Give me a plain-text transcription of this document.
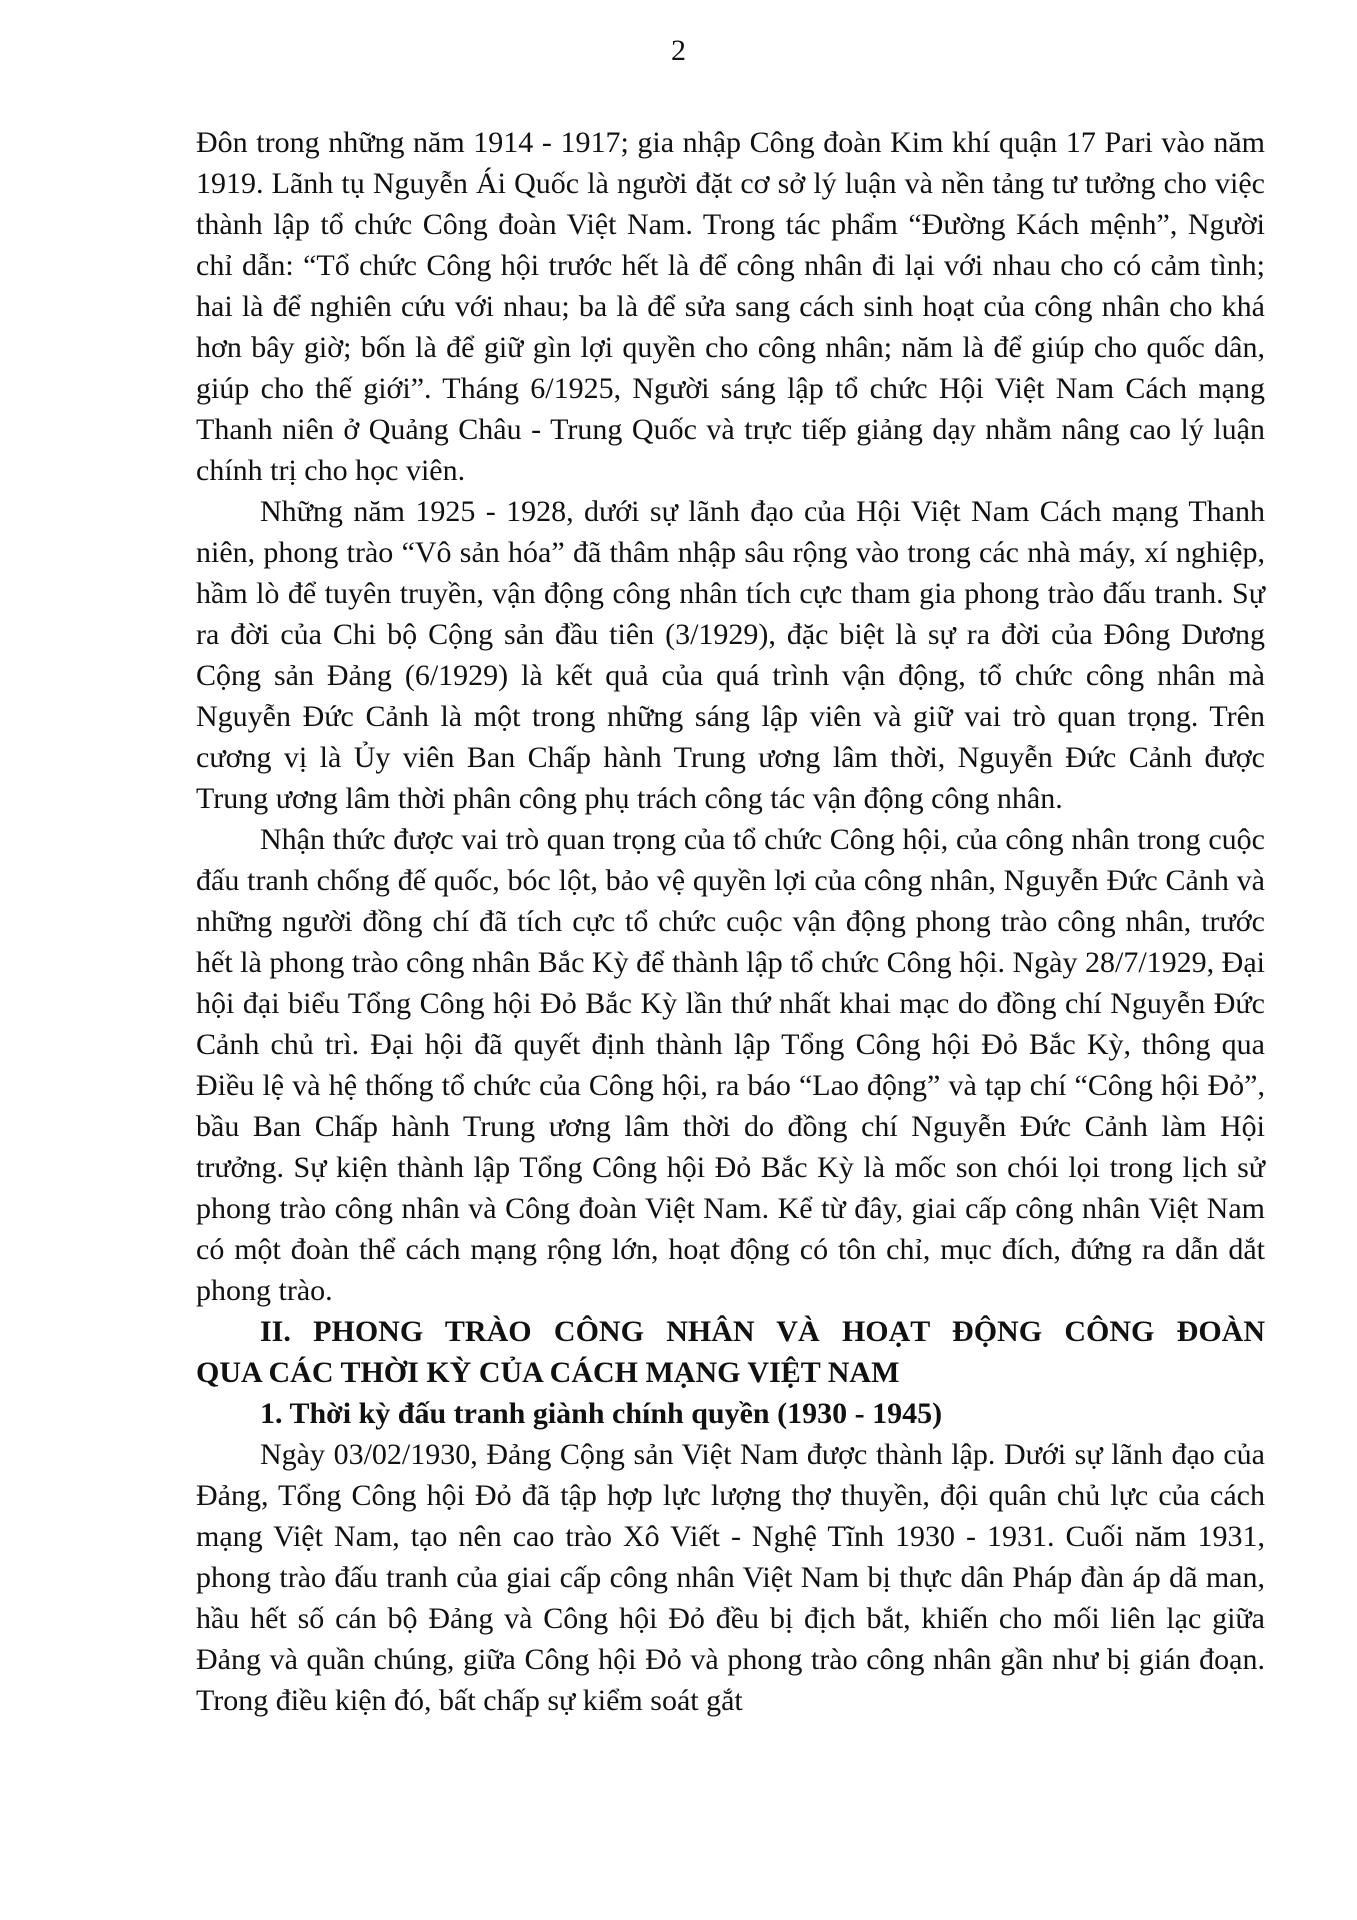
2

Đôn trong những năm 1914 - 1917; gia nhập Công đoàn Kim khí quận 17 Pari vào năm 1919. Lãnh tụ Nguyễn Ái Quốc là người đặt cơ sở lý luận và nền tảng tư tưởng cho việc thành lập tổ chức Công đoàn Việt Nam. Trong tác phẩm “Đường Kách mệnh”, Người chỉ dẫn: “Tổ chức Công hội trước hết là để công nhân đi lại với nhau cho có cảm tình; hai là để nghiên cứu với nhau; ba là để sửa sang cách sinh hoạt của công nhân cho khá hơn bây giờ; bốn là để giữ gìn lợi quyền cho công nhân; năm là để giúp cho quốc dân, giúp cho thế giới”. Tháng 6/1925, Người sáng lập tổ chức Hội Việt Nam Cách mạng Thanh niên ở Quảng Châu - Trung Quốc và trực tiếp giảng dạy nhằm nâng cao lý luận chính trị cho học viên.

Những năm 1925 - 1928, dưới sự lãnh đạo của Hội Việt Nam Cách mạng Thanh niên, phong trào “Vô sản hóa” đã thâm nhập sâu rộng vào trong các nhà máy, xí nghiệp, hầm lò để tuyên truyền, vận động công nhân tích cực tham gia phong trào đấu tranh. Sự ra đời của Chi bộ Cộng sản đầu tiên (3/1929), đặc biệt là sự ra đời của Đông Dương Cộng sản Đảng (6/1929) là kết quả của quá trình vận động, tổ chức công nhân mà Nguyễn Đức Cảnh là một trong những sáng lập viên và giữ vai trò quan trọng. Trên cương vị là Ủy viên Ban Chấp hành Trung ương lâm thời, Nguyễn Đức Cảnh được Trung ương lâm thời phân công phụ trách công tác vận động công nhân.

Nhận thức được vai trò quan trọng của tổ chức Công hội, của công nhân trong cuộc đấu tranh chống đế quốc, bóc lột, bảo vệ quyền lợi của công nhân, Nguyễn Đức Cảnh và những người đồng chí đã tích cực tổ chức cuộc vận động phong trào công nhân, trước hết là phong trào công nhân Bắc Kỳ để thành lập tổ chức Công hội. Ngày 28/7/1929, Đại hội đại biểu Tổng Công hội Đỏ Bắc Kỳ lần thứ nhất khai mạc do đồng chí Nguyễn Đức Cảnh chủ trì. Đại hội đã quyết định thành lập Tổng Công hội Đỏ Bắc Kỳ, thông qua Điều lệ và hệ thống tổ chức của Công hội, ra báo “Lao động” và tạp chí “Công hội Đỏ”, bầu Ban Chấp hành Trung ương lâm thời do đồng chí Nguyễn Đức Cảnh làm Hội trưởng. Sự kiện thành lập Tổng Công hội Đỏ Bắc Kỳ là mốc son chói lọi trong lịch sử phong trào công nhân và Công đoàn Việt Nam. Kể từ đây, giai cấp công nhân Việt Nam có một đoàn thể cách mạng rộng lớn, hoạt động có tôn chỉ, mục đích, đứng ra dẫn dắt phong trào.

II. PHONG TRÀO CÔNG NHÂN VÀ HOẠT ĐỘNG CÔNG ĐOÀN
QUA CÁC THỜI KỲ CỦA CÁCH MẠNG VIỆT NAM

1. Thời kỳ đấu tranh giành chính quyền (1930 - 1945)

Ngày 03/02/1930, Đảng Cộng sản Việt Nam được thành lập. Dưới sự lãnh đạo của Đảng, Tổng Công hội Đỏ đã tập hợp lực lượng thợ thuyền, đội quân chủ lực của cách mạng Việt Nam, tạo nên cao trào Xô Viết - Nghệ Tĩnh 1930 - 1931. Cuối năm 1931, phong trào đấu tranh của giai cấp công nhân Việt Nam bị thực dân Pháp đàn áp dã man, hầu hết số cán bộ Đảng và Công hội Đỏ đều bị địch bắt, khiến cho mối liên lạc giữa Đảng và quần chúng, giữa Công hội Đỏ và phong trào công nhân gần như bị gián đoạn. Trong điều kiện đó, bất chấp sự kiểm soát gắt
